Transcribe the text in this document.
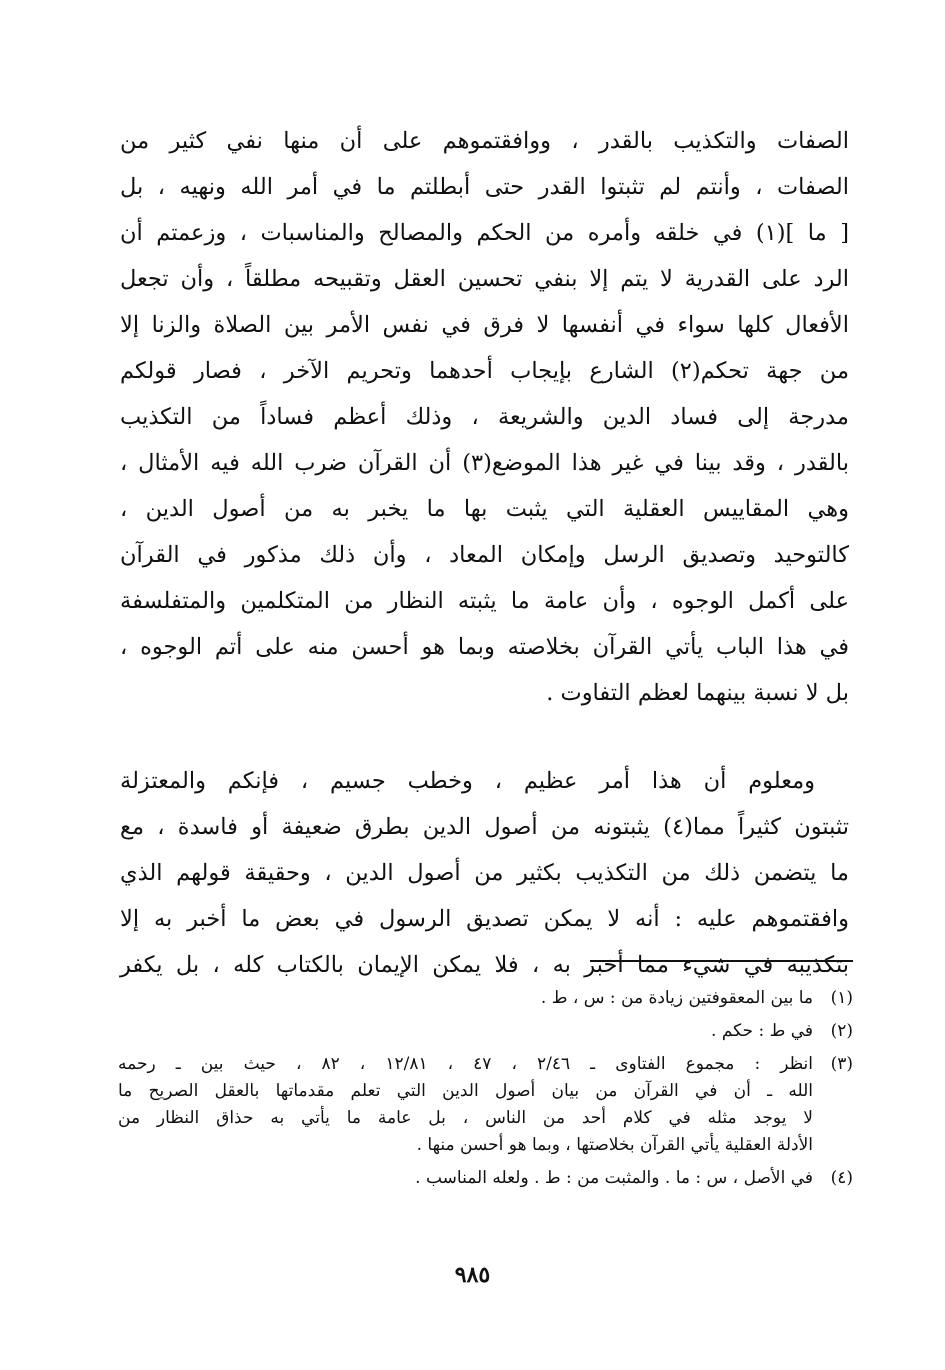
الصفات والتكذيب بالقدر ، ووافقتموهم على أن منها نفي كثير من
الصفات ، وأنتم لم تثبتوا القدر حتى أبطلتم ما في أمر الله ونهيه ، بل
[ ما ](١) في خلقه وأمره من الحكم والمصالح والمناسبات ، وزعمتم أن
الرد على القدرية لا يتم إلا بنفي تحسين العقل وتقبيحه مطلقاً ، وأن تجعل
الأفعال كلها سواء في أنفسها لا فرق في نفس الأمر بين الصلاة والزنا إلا
من جهة تحكم(٢) الشارع بإيجاب أحدهما وتحريم الآخر ، فصار قولكم
مدرجة إلى فساد الدين والشريعة ، وذلك أعظم فساداً من التكذيب
بالقدر ، وقد بينا في غير هذا الموضع(٣) أن القرآن ضرب الله فيه الأمثال ،
وهي المقاييس العقلية التي يثبت بها ما يخبر به من أصول الدين ،
كالتوحيد وتصديق الرسل وإمكان المعاد ، وأن ذلك مذكور في القرآن
على أكمل الوجوه ، وأن عامة ما يثبته النظار من المتكلمين والمتفلسفة
في هذا الباب يأتي القرآن بخلاصته وبما هو أحسن منه على أتم الوجوه ،
بل لا نسبة بينهما لعظم التفاوت .
ومعلوم أن هذا أمر عظيم ، وخطب جسيم ، فإنكم والمعتزلة
تثبتون كثيراً مما(٤) يثبتونه من أصول الدين بطرق ضعيفة أو فاسدة ، مع
ما يتضمن ذلك من التكذيب بكثير من أصول الدين ، وحقيقة قولهم الذي
وافقتموهم عليه : أنه لا يمكن تصديق الرسول في بعض ما أخبر به إلا
بتكذيبه في شيء مما أخبر به ، فلا يمكن الإيمان بالكتاب كله ، بل يكفر
(١)
ما بين المعقوفتين زيادة من : س ، ط .
(٢)
في ط : حكم .
(٣)
انظر : مجموع الفتاوى ـ ٢/٤٦ ، ٤٧ ، ١٢/٨١ ، ٨٢ ، حيث بين ـ رحمه
الله ـ أن في القرآن من بيان أصول الدين التي تعلم مقدماتها بالعقل الصريح ما
لا يوجد مثله في كلام أحد من الناس ، بل عامة ما يأتي به حذاق النظار من
الأدلة العقلية يأتي القرآن بخلاصتها ، وبما هو أحسن منها .
(٤)
في الأصل ، س : ما . والمثبت من : ط . ولعله المناسب .
٩٨٥
